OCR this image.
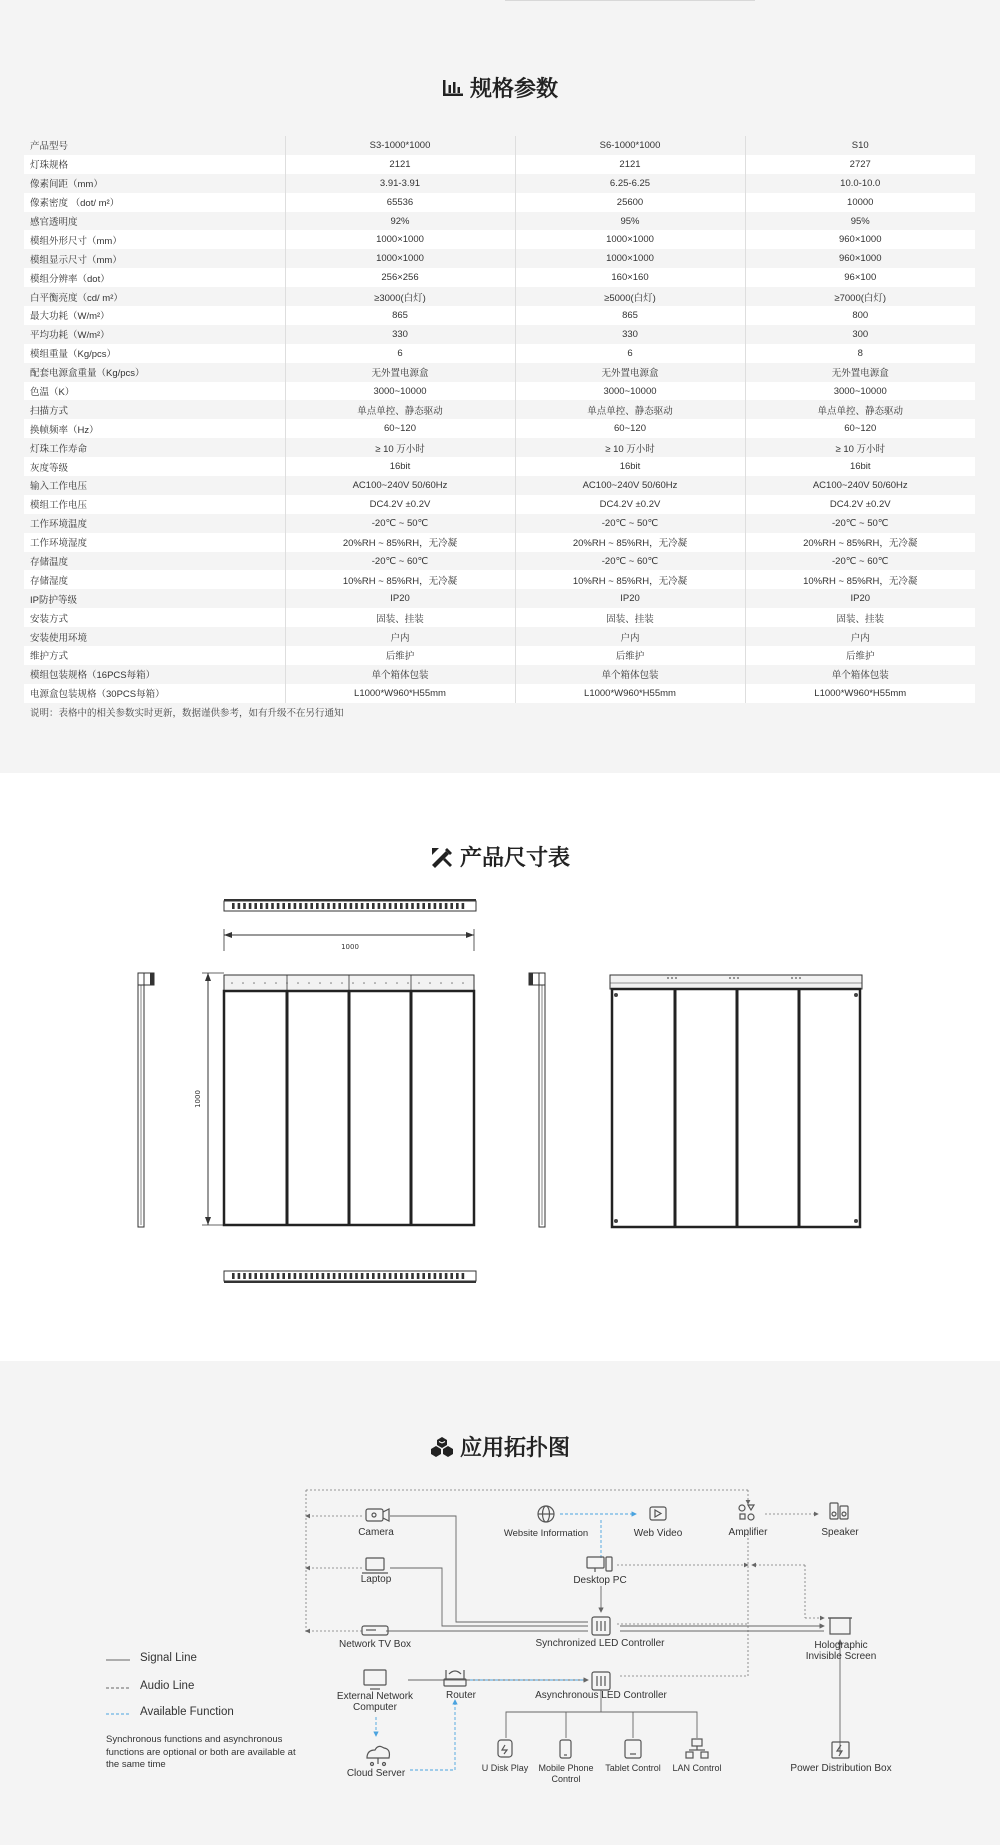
规格参数
产品型号	S3-1000*1000	S6-1000*1000	S10
灯珠规格	2121	2121	2727
像素间距（mm）	3.91-3.91	6.25-6.25	10.0-10.0
像素密度 （dot/ m²）	65536	25600	10000
感官透明度	92%	95%	95%
模组外形尺寸（mm）	1000×1000	1000×1000	960×1000
模组显示尺寸（mm）	1000×1000	1000×1000	960×1000
模组分辨率（dot）	256×256	160×160	96×100
白平衡亮度（cd/ m²）	≥3000(白灯)	≥5000(白灯)	≥7000(白灯)
最大功耗（W/m²）	865	865	800
平均功耗（W/m²）	330	330	300
模组重量（Kg/pcs）	6	6	8
配套电源盒重量（Kg/pcs）	无外置电源盒	无外置电源盒	无外置电源盒
色温（K）	3000~10000	3000~10000	3000~10000
扫描方式	单点单控、静态驱动	单点单控、静态驱动	单点单控、静态驱动
换帧频率（Hz）	60~120	60~120	60~120
灯珠工作寿命	≥ 10 万小时	≥ 10 万小时	≥ 10 万小时
灰度等级	16bit	16bit	16bit
输入工作电压	AC100~240V 50/60Hz	AC100~240V 50/60Hz	AC100~240V 50/60Hz
模组工作电压	DC4.2V ±0.2V	DC4.2V ±0.2V	DC4.2V ±0.2V
工作环境温度	-20℃ ~ 50℃	-20℃ ~ 50℃	-20℃ ~ 50℃
工作环境湿度	20%RH ~ 85%RH，无冷凝	20%RH ~ 85%RH，无冷凝	20%RH ~ 85%RH，无冷凝
存储温度	-20℃ ~ 60℃	-20℃ ~ 60℃	-20℃ ~ 60℃
存储湿度	10%RH ~ 85%RH，无冷凝	10%RH ~ 85%RH，无冷凝	10%RH ~ 85%RH，无冷凝
IP防护等级	IP20	IP20	IP20
安装方式	固装、挂装	固装、挂装	固装、挂装
安装使用环境	户内	户内	户内
维护方式	后维护	后维护	后维护
模组包装规格（16PCS每箱）	单个箱体包装	单个箱体包装	单个箱体包装
电源盒包装规格（30PCS每箱）	L1000*W960*H55mm	L1000*W960*H55mm	L1000*W960*H55mm
说明：表格中的相关参数实时更新，数据谨供参考，如有升级不在另行通知
产品尺寸表
1000
1000
应用拓扑图
Camera
Laptop
Network TV Box
Website Information	Web Video
Desktop PC
Amplifier	Speaker
Synchronized LED Controller	Holographic Invisible Screen
External Network Computer
Router	Asynchronous LED Controller
Cloud Server	U Disk Play	Mobile Phone Control
Tablet Control	LAN Control	Power Distribution Box
Signal Line
Audio Line
Available Function
Synchronous functions and asynchronous functions are optional or both are available at the same time
